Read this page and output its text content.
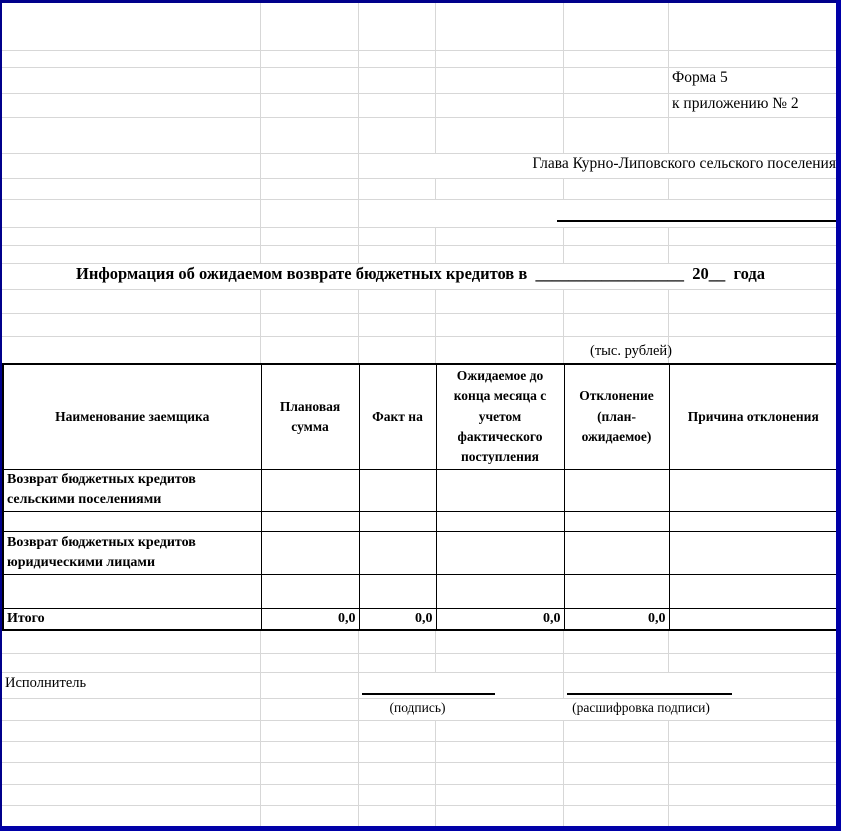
Форма 5
к приложению № 2
Глава Курно-Липовского сельского поселения
Информация об ожидаемом возврате бюджетных кредитов в  __________________  20__  года
(тыс. рублей)
Наименование заемщика	Плановая сумма	Факт на	Ожидаемое до конца месяца с учетом фактического поступления	Отклонение (план-ожидаемое)	Причина отклонения
Возврат бюджетных кредитов сельскими поселениями					

Возврат бюджетных кредитов юридическими лицами					

Итого	0,0	0,0	0,0	0,0	
Исполнитель
(подпись)	(расшифровка подписи)
